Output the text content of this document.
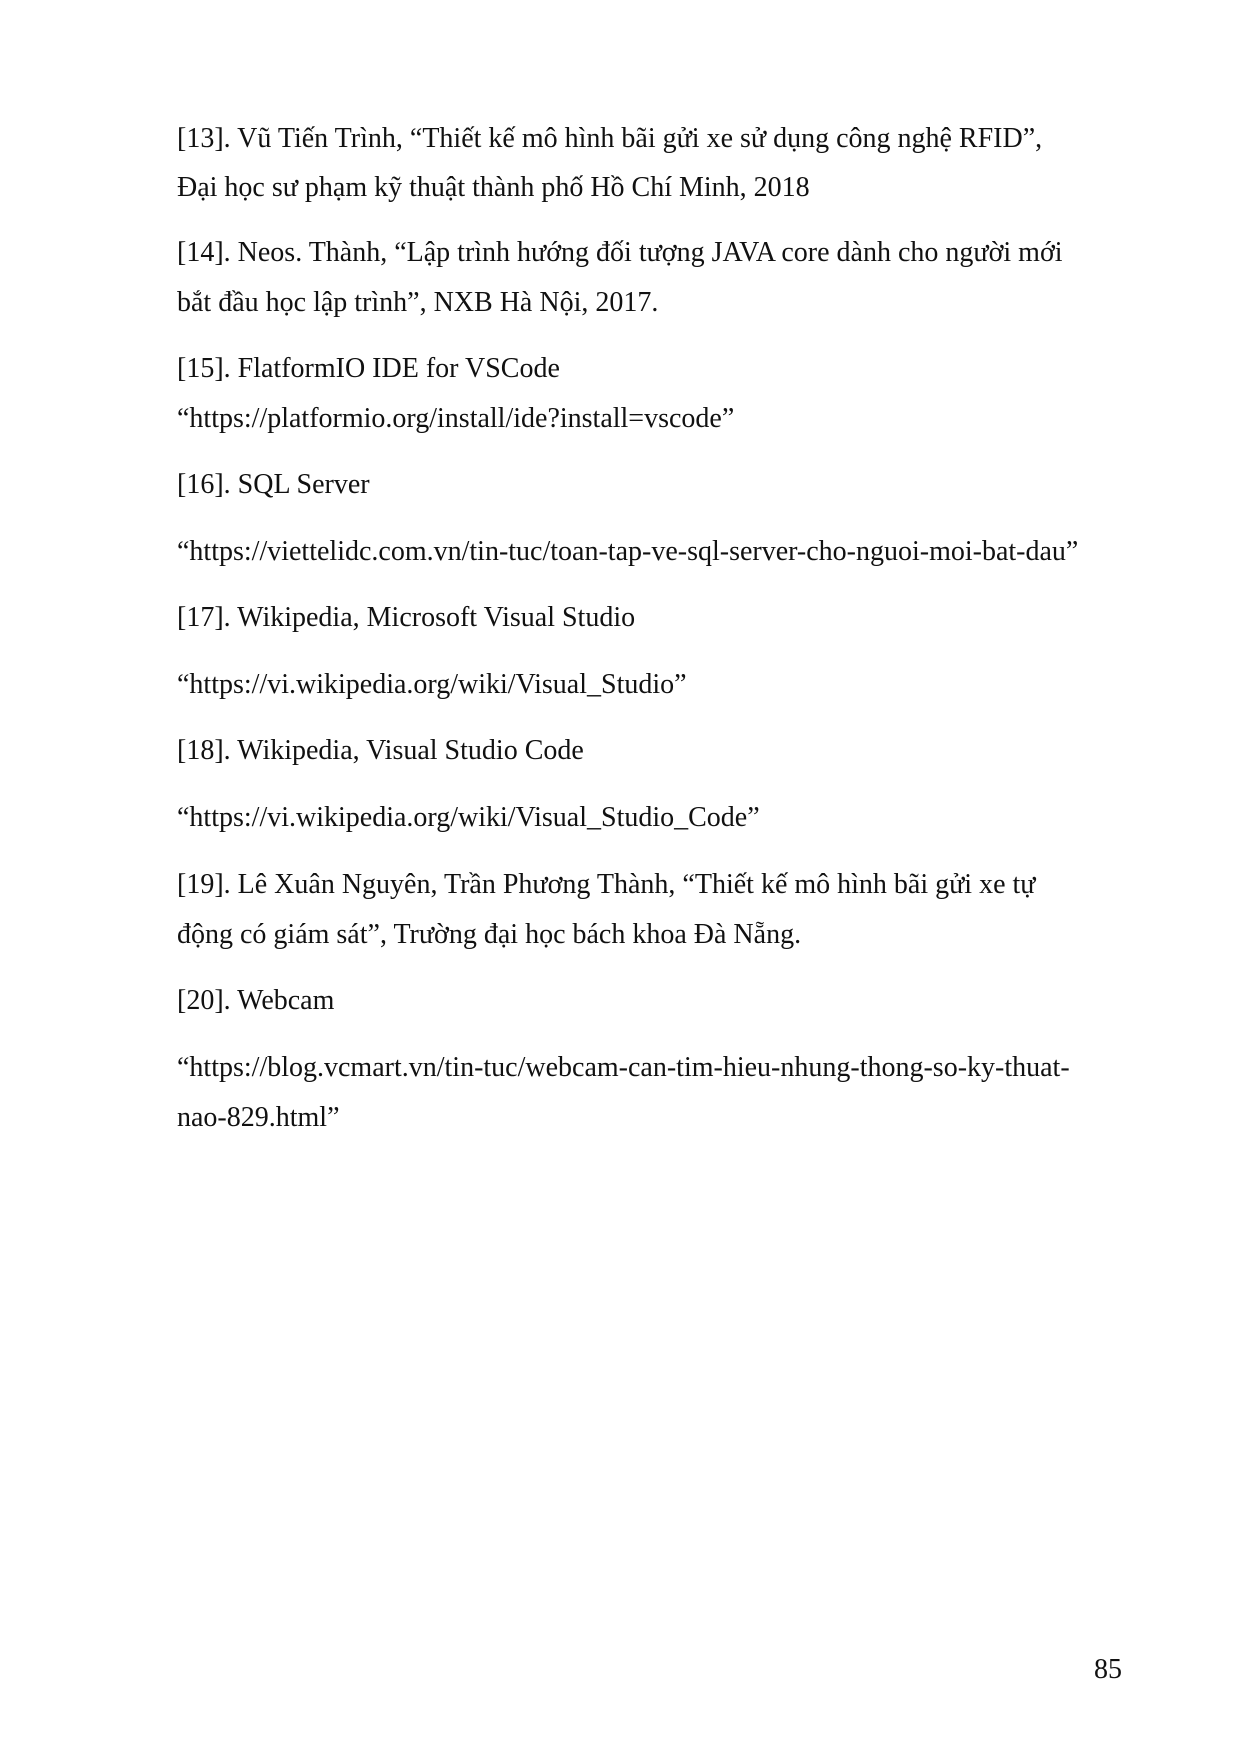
[13]. Vũ Tiến Trình, “Thiết kế mô hình bãi gửi xe sử dụng công nghệ RFID”,
Đại học sư phạm kỹ thuật thành phố Hồ Chí Minh, 2018
[14]. Neos. Thành, “Lập trình hướng đối tượng JAVA core dành cho người mới
bắt đầu học lập trình”, NXB Hà Nội, 2017.
[15]. FlatformIO IDE for VSCode
“https://platformio.org/install/ide?install=vscode”
[16]. SQL Server
“https://viettelidc.com.vn/tin-tuc/toan-tap-ve-sql-server-cho-nguoi-moi-bat-dau”
[17]. Wikipedia, Microsoft Visual Studio
“https://vi.wikipedia.org/wiki/Visual_Studio”
[18]. Wikipedia, Visual Studio Code
“https://vi.wikipedia.org/wiki/Visual_Studio_Code”
[19]. Lê Xuân Nguyên, Trần Phương Thành, “Thiết kế mô hình bãi gửi xe tự
động có giám sát”, Trường đại học bách khoa Đà Nẵng.
[20]. Webcam
“https://blog.vcmart.vn/tin-tuc/webcam-can-tim-hieu-nhung-thong-so-ky-thuat-
nao-829.html”
85
